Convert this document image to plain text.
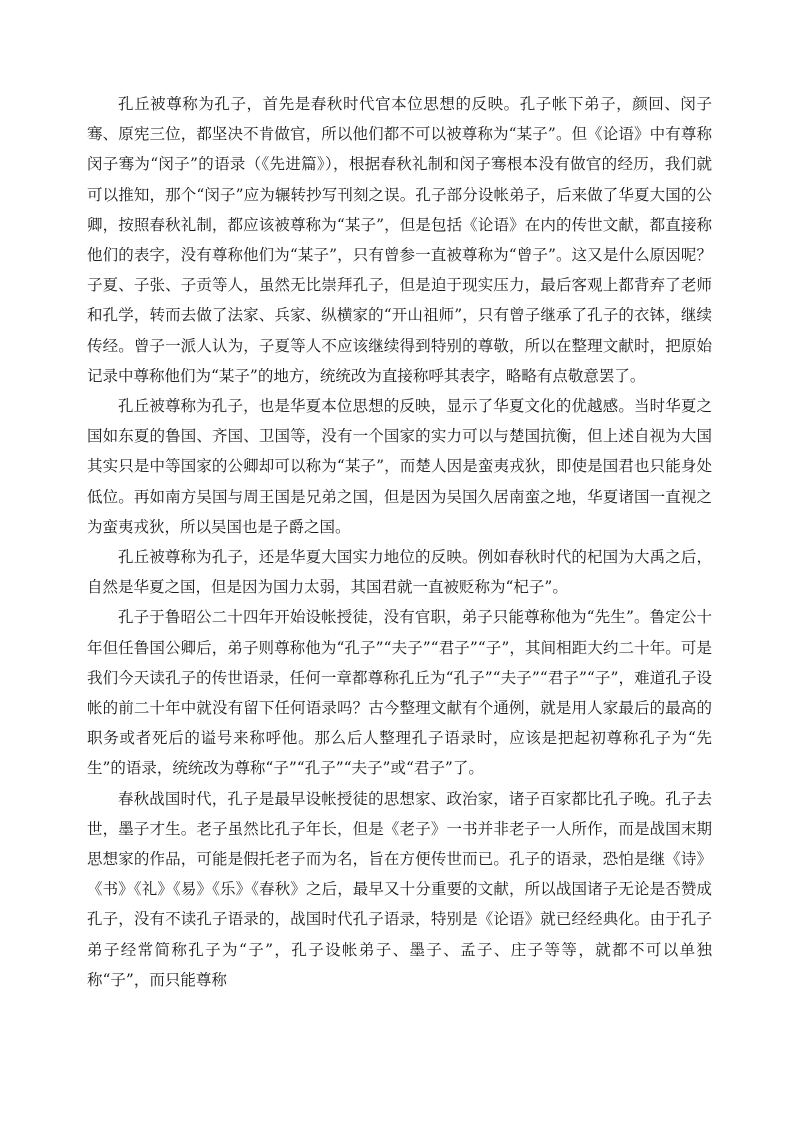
孔丘被尊称为孔子，首先是春秋时代官本位思想的反映。孔子帐下弟子，颜回、闵子骞、原宪三位，都坚决不肯做官，所以他们都不可以被尊称为“某子”。但《论语》中有尊称闵子骞为“闵子”的语录（《先进篇》），根据春秋礼制和闵子骞根本没有做官的经历，我们就可以推知，那个“闵子”应为辗转抄写刊刻之误。孔子部分设帐弟子，后来做了华夏大国的公卿，按照春秋礼制，都应该被尊称为“某子”，但是包括《论语》在内的传世文献，都直接称他们的表字，没有尊称他们为“某子”，只有曾参一直被尊称为“曾子”。这又是什么原因呢？子夏、子张、子贡等人，虽然无比崇拜孔子，但是迫于现实压力，最后客观上都背弃了老师和孔学，转而去做了法家、兵家、纵横家的“开山祖师”，只有曾子继承了孔子的衣钵，继续传经。曾子一派人认为，子夏等人不应该继续得到特别的尊敬，所以在整理文献时，把原始记录中尊称他们为“某子”的地方，统统改为直接称呼其表字，略略有点敬意罢了。

孔丘被尊称为孔子，也是华夏本位思想的反映，显示了华夏文化的优越感。当时华夏之国如东夏的鲁国、齐国、卫国等，没有一个国家的实力可以与楚国抗衡，但上述自视为大国其实只是中等国家的公卿却可以称为“某子”，而楚人因是蛮夷戎狄，即使是国君也只能身处低位。再如南方吴国与周王国是兄弟之国，但是因为吴国久居南蛮之地，华夏诸国一直视之为蛮夷戎狄，所以吴国也是子爵之国。

孔丘被尊称为孔子，还是华夏大国实力地位的反映。例如春秋时代的杞国为大禹之后，自然是华夏之国，但是因为国力太弱，其国君就一直被贬称为“杞子”。

孔子于鲁昭公二十四年开始设帐授徒，没有官职，弟子只能尊称他为“先生”。鲁定公十年但任鲁国公卿后，弟子则尊称他为“孔子”“夫子”“君子”“子”，其间相距大约二十年。可是我们今天读孔子的传世语录，任何一章都尊称孔丘为“孔子”“夫子”“君子”“子”，难道孔子设帐的前二十年中就没有留下任何语录吗？古今整理文献有个通例，就是用人家最后的最高的职务或者死后的谥号来称呼他。那么后人整理孔子语录时，应该是把起初尊称孔子为“先生”的语录，统统改为尊称“子”“孔子”“夫子”或“君子”了。

春秋战国时代，孔子是最早设帐授徒的思想家、政治家，诸子百家都比孔子晚。孔子去世，墨子才生。老子虽然比孔子年长，但是《老子》一书并非老子一人所作，而是战国末期思想家的作品，可能是假托老子而为名，旨在方便传世而已。孔子的语录，恐怕是继《诗》《书》《礼》《易》《乐》《春秋》之后，最早又十分重要的文献，所以战国诸子无论是否赞成孔子，没有不读孔子语录的，战国时代孔子语录，特别是《论语》就已经经典化。由于孔子弟子经常简称孔子为“子”，孔子设帐弟子、墨子、孟子、庄子等等，就都不可以单独称“子”，而只能尊称
